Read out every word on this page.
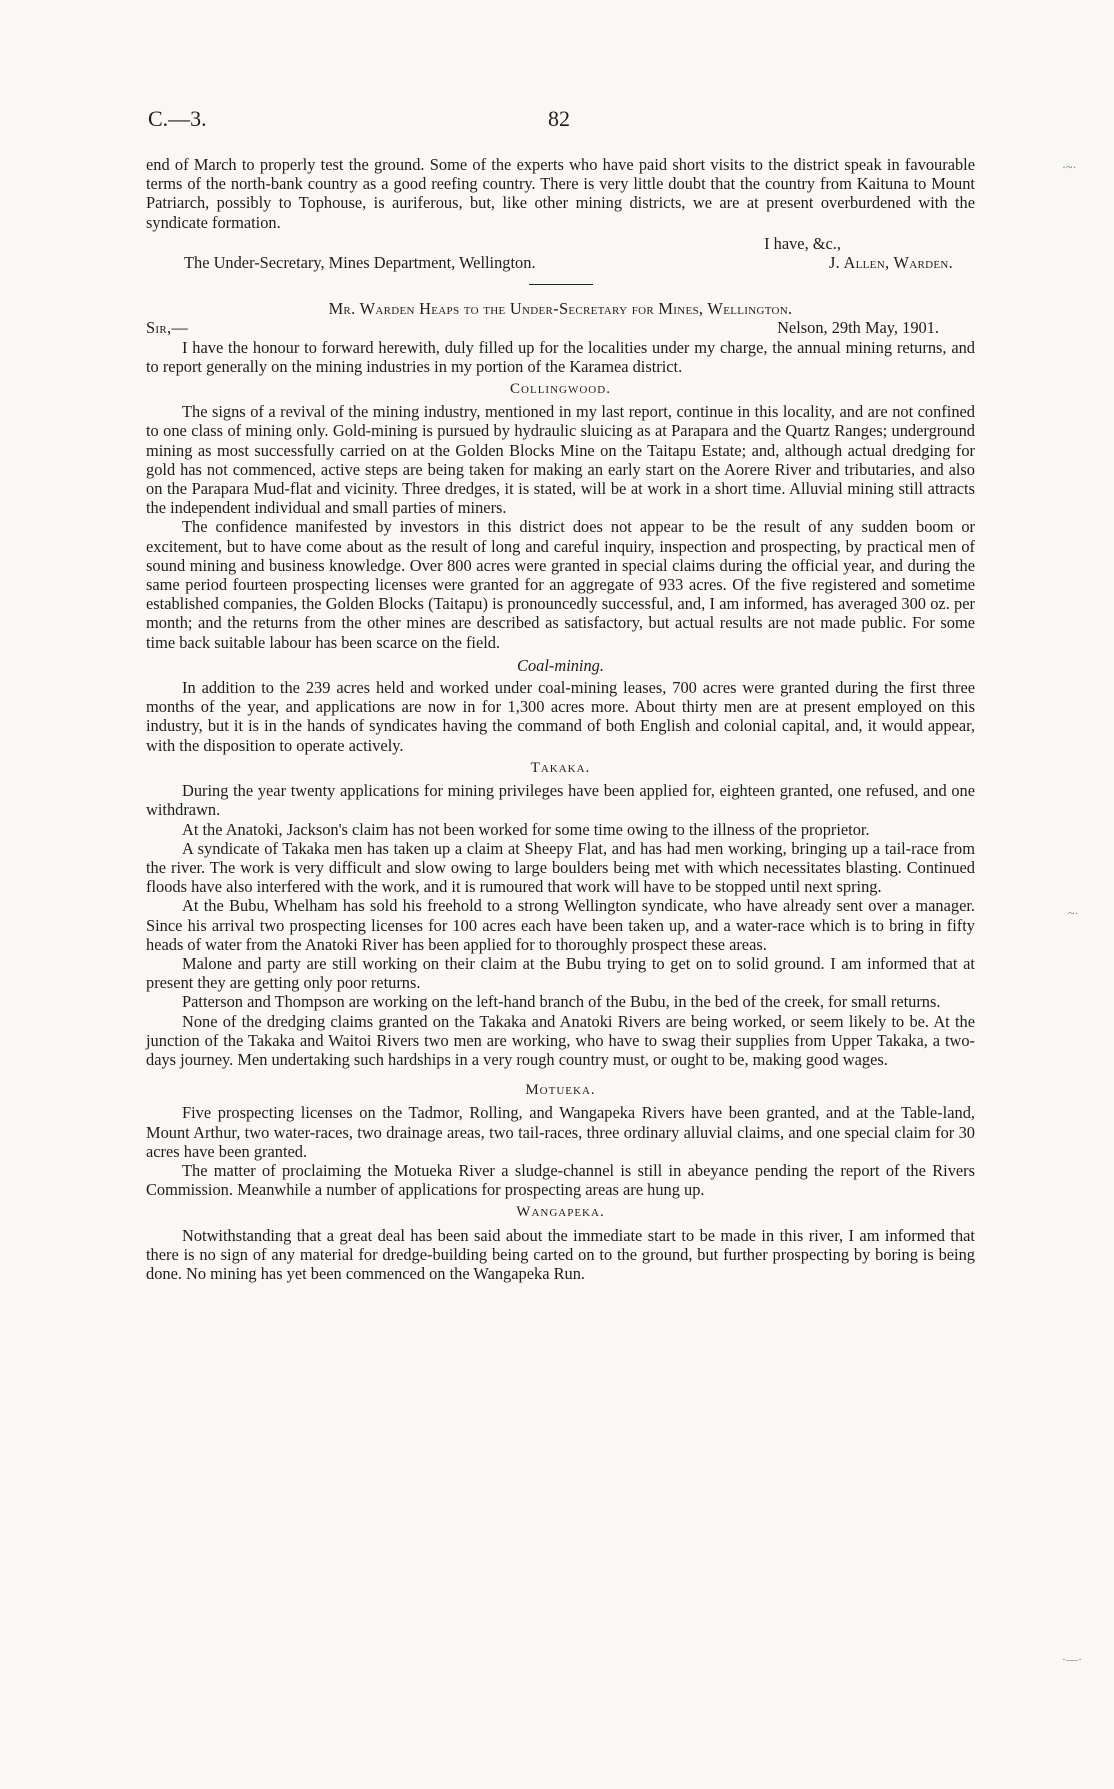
C.—3.	82
·~·
~·
·—·

end of March to properly test the ground. Some of the experts who have paid short visits to the district speak in favourable terms of the north-bank country as a good reefing country. There is very little doubt that the country from Kaituna to Mount Patriarch, possibly to Tophouse, is auriferous, but, like other mining districts, we are at present overburdened with the syndicate formation.

I have, &c.,
The Under-Secretary, Mines Department, Wellington.	J. Allen, Warden.
Mr. Warden Heaps to the Under-Secretary for Mines, Wellington.
Sir,—	Nelson, 29th May, 1901.

I have the honour to forward herewith, duly filled up for the localities under my charge, the annual mining returns, and to report generally on the mining industries in my portion of the Karamea district.

Collingwood.

The signs of a revival of the mining industry, mentioned in my last report, continue in this locality, and are not confined to one class of mining only. Gold-mining is pursued by hydraulic sluicing as at Parapara and the Quartz Ranges; underground mining as most successfully carried on at the Golden Blocks Mine on the Taitapu Estate; and, although actual dredging for gold has not commenced, active steps are being taken for making an early start on the Aorere River and tributaries, and also on the Parapara Mud-flat and vicinity. Three dredges, it is stated, will be at work in a short time. Alluvial mining still attracts the independent individual and small parties of miners.

The confidence manifested by investors in this district does not appear to be the result of any sudden boom or excitement, but to have come about as the result of long and careful inquiry, inspection and prospecting, by practical men of sound mining and business knowledge. Over 800 acres were granted in special claims during the official year, and during the same period fourteen prospecting licenses were granted for an aggregate of 933 acres. Of the five registered and sometime established companies, the Golden Blocks (Taitapu) is pronouncedly successful, and, I am informed, has averaged 300 oz. per month; and the returns from the other mines are described as satisfactory, but actual results are not made public. For some time back suitable labour has been scarce on the field.

Coal-mining.

In addition to the 239 acres held and worked under coal-mining leases, 700 acres were granted during the first three months of the year, and applications are now in for 1,300 acres more. About thirty men are at present employed on this industry, but it is in the hands of syndicates having the command of both English and colonial capital, and, it would appear, with the disposition to operate actively.

Takaka.

During the year twenty applications for mining privileges have been applied for, eighteen granted, one refused, and one withdrawn.

At the Anatoki, Jackson's claim has not been worked for some time owing to the illness of the proprietor.

A syndicate of Takaka men has taken up a claim at Sheepy Flat, and has had men working, bringing up a tail-race from the river. The work is very difficult and slow owing to large boulders being met with which necessitates blasting. Continued floods have also interfered with the work, and it is rumoured that work will have to be stopped until next spring.

At the Bubu, Whelham has sold his freehold to a strong Wellington syndicate, who have already sent over a manager. Since his arrival two prospecting licenses for 100 acres each have been taken up, and a water-race which is to bring in fifty heads of water from the Anatoki River has been applied for to thoroughly prospect these areas.

Malone and party are still working on their claim at the Bubu trying to get on to solid ground. I am informed that at present they are getting only poor returns.

Patterson and Thompson are working on the left-hand branch of the Bubu, in the bed of the creek, for small returns.

None of the dredging claims granted on the Takaka and Anatoki Rivers are being worked, or seem likely to be. At the junction of the Takaka and Waitoi Rivers two men are working, who have to swag their supplies from Upper Takaka, a two-days journey. Men undertaking such hardships in a very rough country must, or ought to be, making good wages.

Motueka.

Five prospecting licenses on the Tadmor, Rolling, and Wangapeka Rivers have been granted, and at the Table-land, Mount Arthur, two water-races, two drainage areas, two tail-races, three ordinary alluvial claims, and one special claim for 30 acres have been granted.

The matter of proclaiming the Motueka River a sludge-channel is still in abeyance pending the report of the Rivers Commission. Meanwhile a number of applications for prospecting areas are hung up.

Wangapeka.

Notwithstanding that a great deal has been said about the immediate start to be made in this river, I am informed that there is no sign of any material for dredge-building being carted on to the ground, but further prospecting by boring is being done. No mining has yet been commenced on the Wangapeka Run.
